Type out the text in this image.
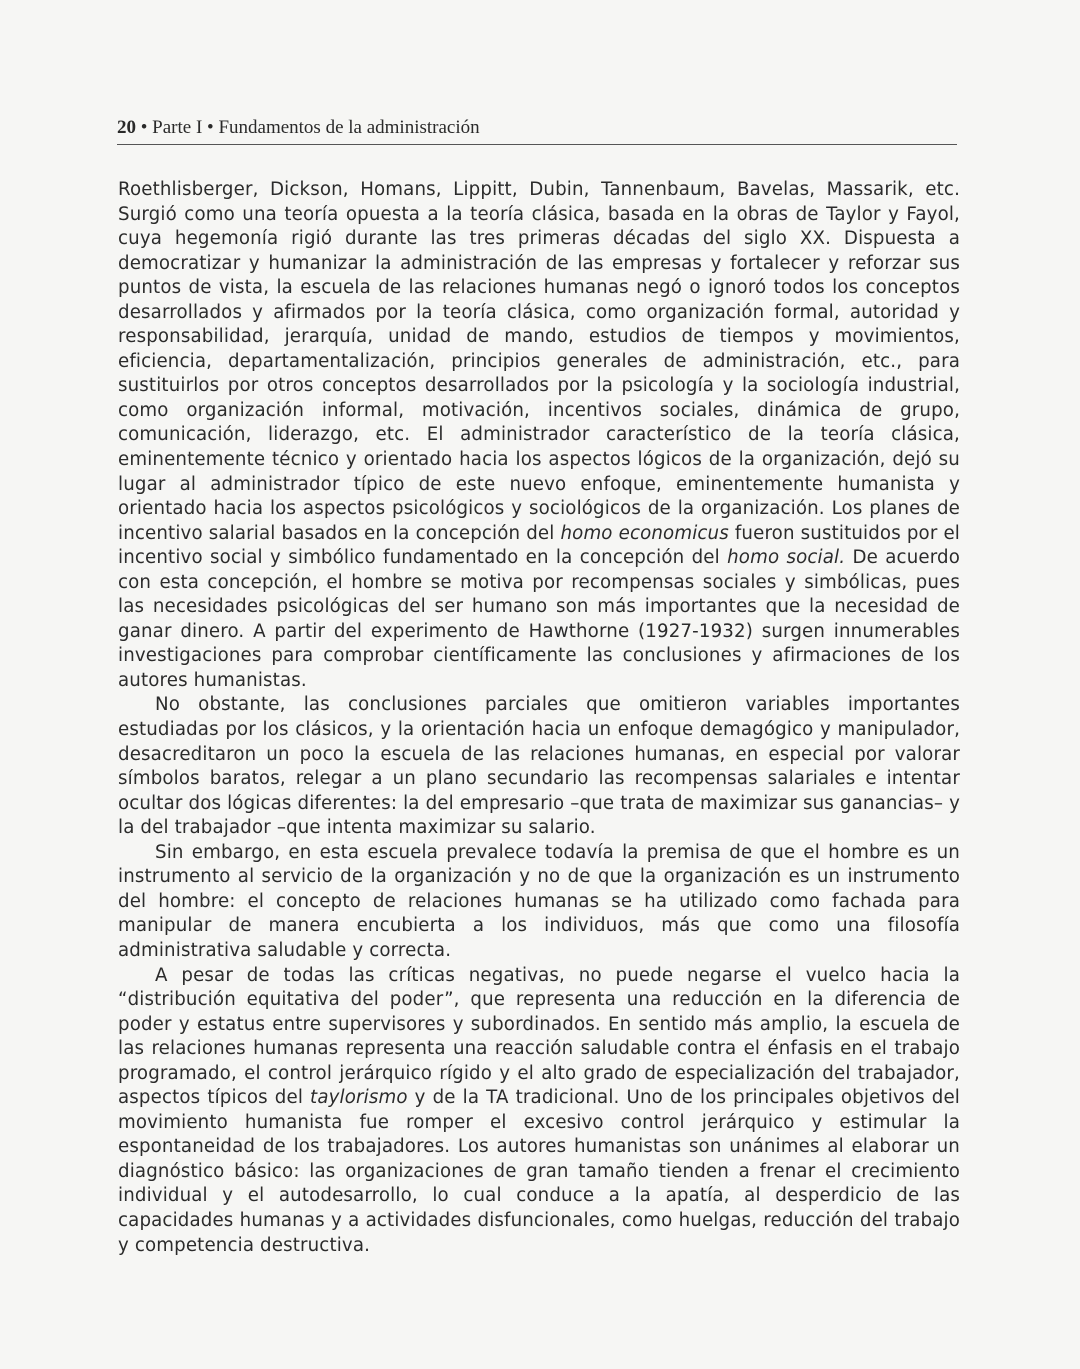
20 • Parte I • Fundamentos de la administración

Roethlisberger, Dickson, Homans, Lippitt, Dubin, Tannenbaum, Bavelas, Massarik, etc. Surgió como una teoría opuesta a la teoría clásica, basada en la obras de Taylor y Fayol, cuya hegemonía rigió durante las tres primeras décadas del siglo XX. Dispuesta a democratizar y humanizar la administración de las empresas y fortalecer y reforzar sus puntos de vista, la escuela de las relaciones humanas negó o ignoró todos los conceptos desarrollados y afirmados por la teoría clásica, como organización formal, autoridad y responsabilidad, jerarquía, unidad de mando, estudios de tiempos y movimientos, eficiencia, departamentalización, principios generales de administración, etc., para sustituirlos por otros conceptos desarrollados por la psicología y la sociología industrial, como organización informal, motivación, incentivos sociales, dinámica de grupo, comunicación, liderazgo, etc. El administrador característico de la teoría clásica, eminentemente técnico y orientado hacia los aspectos lógicos de la organización, dejó su lugar al administrador típico de este nuevo enfoque, eminentemente humanista y orientado hacia los aspectos psicológicos y sociológicos de la organización. Los planes de incentivo salarial basados en la concepción del homo economicus fueron sustituidos por el incentivo social y simbólico fundamentado en la concepción del homo social. De acuerdo con esta concepción, el hombre se motiva por recompensas sociales y simbólicas, pues las necesidades psicológicas del ser humano son más importantes que la necesidad de ganar dinero. A partir del experimento de Hawthorne (1927-1932) surgen innumerables investigaciones para comprobar científicamente las conclusiones y afirmaciones de los autores humanistas.

No obstante, las conclusiones parciales que omitieron variables importantes estudiadas por los clásicos, y la orientación hacia un enfoque demagógico y manipulador, desacreditaron un poco la escuela de las relaciones humanas, en especial por valorar símbolos baratos, relegar a un plano secundario las recompensas salariales e intentar ocultar dos lógicas diferentes: la del empresario –que trata de maximizar sus ganancias– y la del trabajador –que intenta maximizar su salario.

Sin embargo, en esta escuela prevalece todavía la premisa de que el hombre es un instrumento al servicio de la organización y no de que la organización es un instrumento del hombre: el concepto de relaciones humanas se ha utilizado como fachada para manipular de manera encubierta a los individuos, más que como una filosofía administrativa saludable y correcta.

A pesar de todas las críticas negativas, no puede negarse el vuelco hacia la “distribución equitativa del poder”, que representa una reducción en la diferencia de poder y estatus entre supervisores y subordinados. En sentido más amplio, la escuela de las relaciones humanas representa una reacción saludable contra el énfasis en el trabajo programado, el control jerárquico rígido y el alto grado de especialización del trabajador, aspectos típicos del taylorismo y de la TA tradicional. Uno de los principales objetivos del movimiento humanista fue romper el excesivo control jerárquico y estimular la espontaneidad de los trabajadores. Los autores humanistas son unánimes al elaborar un diagnóstico básico: las organizaciones de gran tamaño tienden a frenar el crecimiento individual y el autodesarrollo, lo cual conduce a la apatía, al desperdicio de las capacidades humanas y a actividades disfuncionales, como huelgas, reducción del trabajo y competencia destructiva.
